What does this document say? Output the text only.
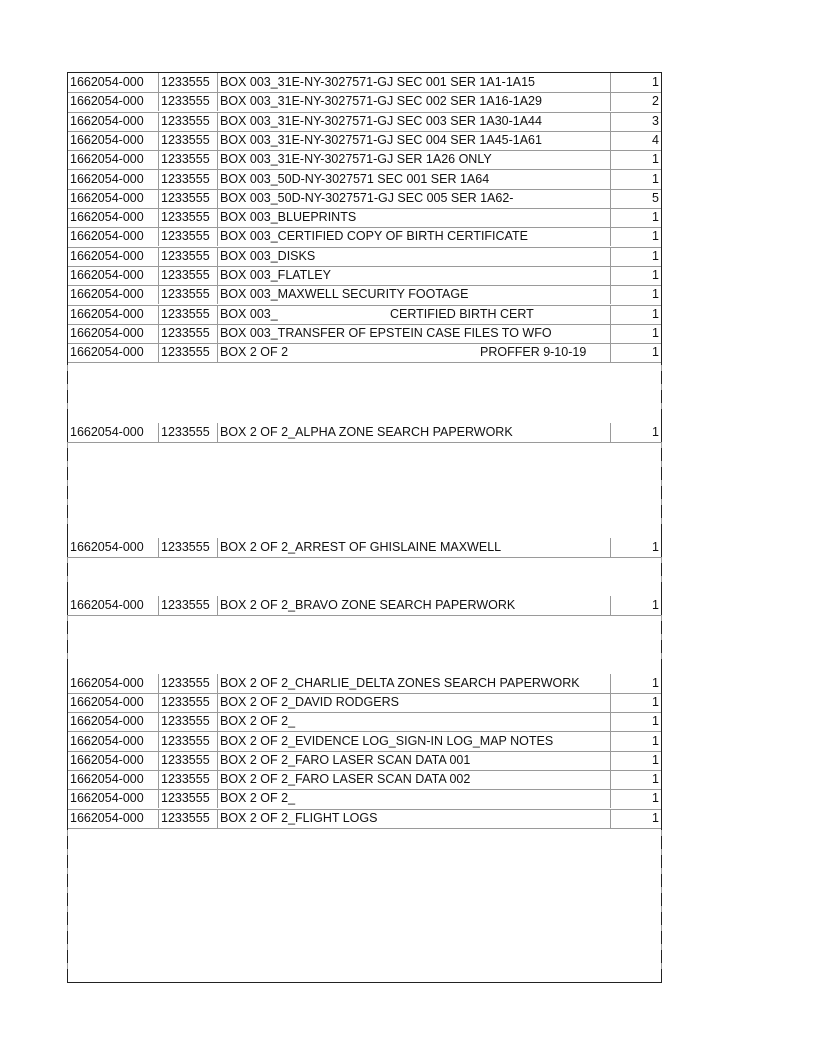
1662054-000	1233555 BOX 003_31E-NY-3027571-GJ SEC 001 SER 1A1-1A15	1
1662054-000	1233555 BOX 003_31E-NY-3027571-GJ SEC 002 SER 1A16-1A29	2
1662054-000	1233555 BOX 003_31E-NY-3027571-GJ SEC 003 SER 1A30-1A44	3
1662054-000	1233555 BOX 003_31E-NY-3027571-GJ SEC 004 SER 1A45-1A61	4
1662054-000	1233555 BOX 003_31E-NY-3027571-GJ SER 1A26 ONLY	1
1662054-000	1233555 BOX 003_50D-NY-3027571 SEC 001 SER 1A64	1
1662054-000	1233555 BOX 003_50D-NY-3027571-GJ SEC 005 SER 1A62-	5
1662054-000	1233555 BOX 003_BLUEPRINTS	1
1662054-000	1233555 BOX 003_CERTIFIED COPY OF BIRTH CERTIFICATE	1
1662054-000	1233555 BOX 003_DISKS	1
1662054-000	1233555 BOX 003_FLATLEY	1
1662054-000	1233555 BOX 003_MAXWELL SECURITY FOOTAGE	1
1662054-000	1233555 BOX 003_	CERTIFIED BIRTH CERT	1
1662054-000	1233555 BOX 003_TRANSFER OF EPSTEIN CASE FILES TO WFO	1
1662054-000	1233555 BOX 2 OF 2	PROFFER 9-10-19	1
1662054-000	1233555 BOX 2 OF 2_ALPHA ZONE SEARCH PAPERWORK	1
1662054-000	1233555 BOX 2 OF 2_ARREST OF GHISLAINE MAXWELL	1
1662054-000	1233555 BOX 2 OF 2_BRAVO ZONE SEARCH PAPERWORK	1
1662054-000	1233555 BOX 2 OF 2_CHARLIE_DELTA ZONES SEARCH PAPERWORK	1
1662054-000	1233555 BOX 2 OF 2_DAVID RODGERS	1
1662054-000	1233555 BOX 2 OF 2_	1
1662054-000	1233555 BOX 2 OF 2_EVIDENCE LOG_SIGN-IN LOG_MAP NOTES	1
1662054-000	1233555 BOX 2 OF 2_FARO LASER SCAN DATA 001	1
1662054-000	1233555 BOX 2 OF 2_FARO LASER SCAN DATA 002	1
1662054-000	1233555 BOX 2 OF 2_	1
1662054-000	1233555 BOX 2 OF 2_FLIGHT LOGS	1
